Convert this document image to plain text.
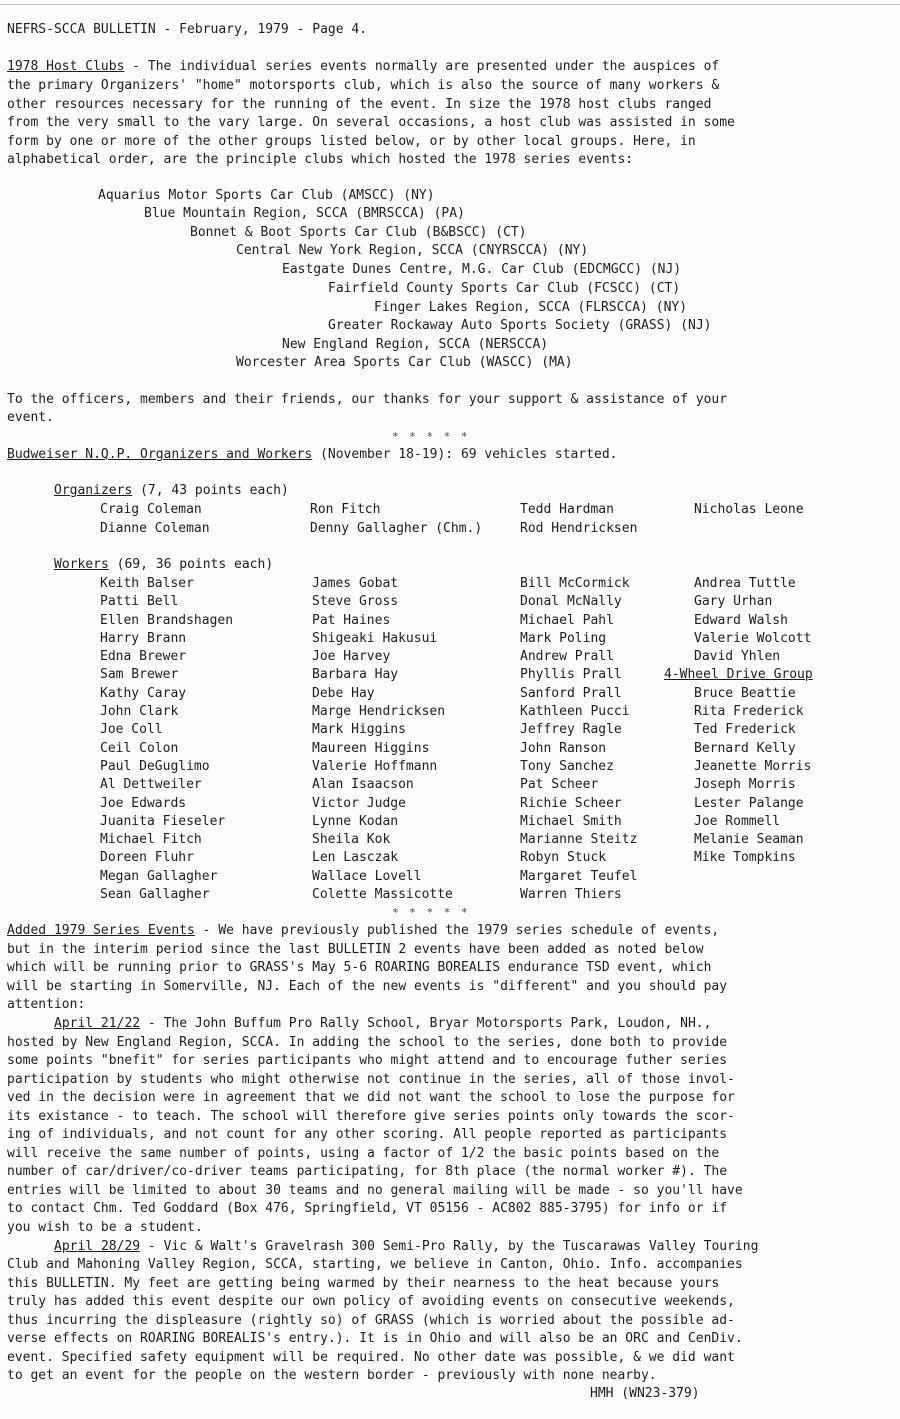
NEFRS-SCCA BULLETIN - February, 1979 - Page 4.
1978 Host Clubs - The individual series events normally are presented under the auspices of
the primary Organizers' "home" motorsports club, which is also the source of many workers &
other resources necessary for the running of the event. In size the 1978 host clubs ranged
from the very small to the vary large. On several occasions, a host club was assisted in some
form by one or more of the other groups listed below, or by other local groups. Here, in
alphabetical order, are the principle clubs which hosted the 1978 series events:
Aquarius Motor Sports Car Club (AMSCC) (NY)
Blue Mountain Region, SCCA (BMRSCCA) (PA)
Bonnet & Boot Sports Car Club (B&BSCC) (CT)
Central New York Region, SCCA (CNYRSCCA) (NY)
Eastgate Dunes Centre, M.G. Car Club (EDCMGCC) (NJ)
Fairfield County Sports Car Club (FCSCC) (CT)
Finger Lakes Region, SCCA (FLRSCCA) (NY)
Greater Rockaway Auto Sports Society (GRASS) (NJ)
New England Region, SCCA (NERSCCA)
Worcester Area Sports Car Club (WASCC) (MA)
To the officers, members and their friends, our thanks for your support & assistance of your
event.
* * * * *
Budweiser N.Q.P. Organizers and Workers (November 18-19): 69 vehicles started.
Organizers (7, 43 points each)
Craig Coleman
Dianne Coleman
Ron Fitch
Denny Gallagher (Chm.)
Tedd Hardman
Rod Hendricksen
Nicholas Leone
Workers (69, 36 points each)
Keith Balser
Patti Bell
Ellen Brandshagen
Harry Brann
Edna Brewer
Sam Brewer
Kathy Caray
John Clark
Joe Coll
Ceil Colon
Paul DeGuglimo
Al Dettweiler
Joe Edwards
Juanita Fieseler
Michael Fitch
Doreen Fluhr
Megan Gallagher
Sean Gallagher
James Gobat
Steve Gross
Pat Haines
Shigeaki Hakusui
Joe Harvey
Barbara Hay
Debe Hay
Marge Hendricksen
Mark Higgins
Maureen Higgins
Valerie Hoffmann
Alan Isaacson
Victor Judge
Lynne Kodan
Sheila Kok
Len Lasczak
Wallace Lovell
Colette Massicotte
Bill McCormick
Donal McNally
Michael Pahl
Mark Poling
Andrew Prall
Phyllis Prall
Sanford Prall
Kathleen Pucci
Jeffrey Ragle
John Ranson
Tony Sanchez
Pat Scheer
Richie Scheer
Michael Smith
Marianne Steitz
Robyn Stuck
Margaret Teufel
Warren Thiers
Andrea Tuttle
Gary Urhan
Edward Walsh
Valerie Wolcott
David Yhlen
4-Wheel Drive Group
Bruce Beattie
Rita Frederick
Ted Frederick
Bernard Kelly
Jeanette Morris
Joseph Morris
Lester Palange
Joe Rommell
Melanie Seaman
Mike Tompkins
* * * * *
Added 1979 Series Events - We have previously published the 1979 series schedule of events,
but in the interim period since the last BULLETIN 2 events have been added as noted below
which will be running prior to GRASS's May 5-6 ROARING BOREALIS endurance TSD event, which
will be starting in Somerville, NJ. Each of the new events is "different" and you should pay
attention:
April 21/22 - The John Buffum Pro Rally School, Bryar Motorsports Park, Loudon, NH.,
hosted by New England Region, SCCA. In adding the school to the series, done both to provide
some points "bnefit" for series participants who might attend and to encourage futher series
participation by students who might otherwise not continue in the series, all of those invol-
ved in the decision were in agreement that we did not want the school to lose the purpose for
its existance - to teach. The school will therefore give series points only towards the scor-
ing of individuals, and not count for any other scoring. All people reported as participants
will receive the same number of points, using a factor of 1/2 the basic points based on the
number of car/driver/co-driver teams participating, for 8th place (the normal worker #). The
entries will be limited to about 30 teams and no general mailing will be made - so you'll have
to contact Chm. Ted Goddard (Box 476, Springfield, VT 05156 - AC802 885-3795) for info or if
you wish to be a student.
April 28/29 - Vic & Walt's Gravelrash 300 Semi-Pro Rally, by the Tuscarawas Valley Touring
Club and Mahoning Valley Region, SCCA, starting, we believe in Canton, Ohio. Info. accompanies
this BULLETIN. My feet are getting being warmed by their nearness to the heat because yours
truly has added this event despite our own policy of avoiding events on consecutive weekends,
thus incurring the displeasure (rightly so) of GRASS (which is worried about the possible ad-
verse effects on ROARING BOREALIS's entry.). It is in Ohio and will also be an ORC and CenDiv.
event. Specified safety equipment will be required. No other date was possible, & we did want
to get an event for the people on the western border - previously with none nearby.
HMH (WN23-379)
